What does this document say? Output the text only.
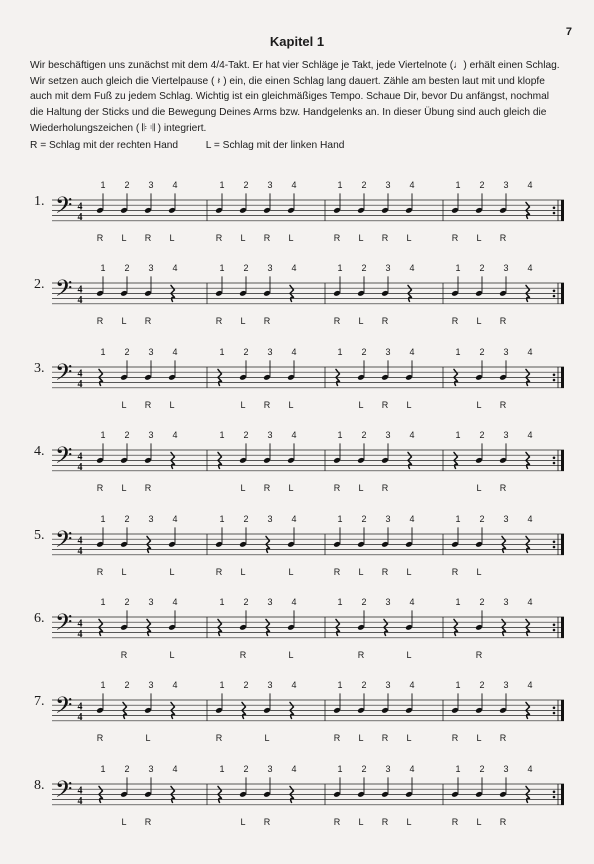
7
Kapitel 1
Wir beschäftigen uns zunächst mit dem 4/4-Takt. Er hat vier Schläge je Takt, jede Viertelnote (♩) erhält einen Schlag.
Wir setzen auch gleich die Viertelpause ( 𝄽 ) ein, die einen Schlag lang dauert. Zähle am besten laut mit und klopfe
auch mit dem Fuß zu jedem Schlag. Wichtig ist ein gleichmäßiges Tempo. Schaue Dir, bevor Du anfängst, nochmal
die Haltung der Sticks und die Bewegung Deines Arms bzw. Handgelenks an. In dieser Übung sind auch gleich die
Wiederholungszeichen ( 𝄆 𝄇 ) integriert.
R = Schlag mit der rechten Hand	L = Schlag mit der linken Hand
1. 𝄢 4
4
1
R
2
L
3
R
4
L
1
R
2
L
3
R
4
L
1
R
2
L
3
R
4
L
1
R
2
L
3
R
4
2. 𝄢 4
4
1
R
2
L
3
R
4	1
R
2
L
3
R
4	1
R
2
L
3
R
4	1
R
2
L
3
R
4
3. 𝄢 4
4
1 2
L
3
R
4
L
1 2
L
3
R
4
L
1 2
L
3
R
4
L
1 2
L
3
R
4
4. 𝄢 4
4
1
R
2
L
3
R
4	1 2
L
3
R
4
L
1
R
2
L
3
R
4	1 2
L
3
R
4
5. 𝄢 4
4
1
R
2
L
3 4
L
1
R
2
L
3 4
L
1
R
2
L
3
R
4
L
1
R
2
L
3 4
6. 𝄢 4
4
1 2
R
3 4
L
1 2
R
3 4
L
1 2
R
3 4
L
1 2
R
3 4
7. 𝄢 4
4
1
R
2 3
L
4	1
R
2 3
L
4	1
R
2
L
3
R
4
L
1
R
2
L
3
R
4
8. 𝄢 4
4
1 2
L
3
R
4	1 2
L
3
R
4	1
R
2
L
3
R
4
L
1
R
2
L
3
R
4
